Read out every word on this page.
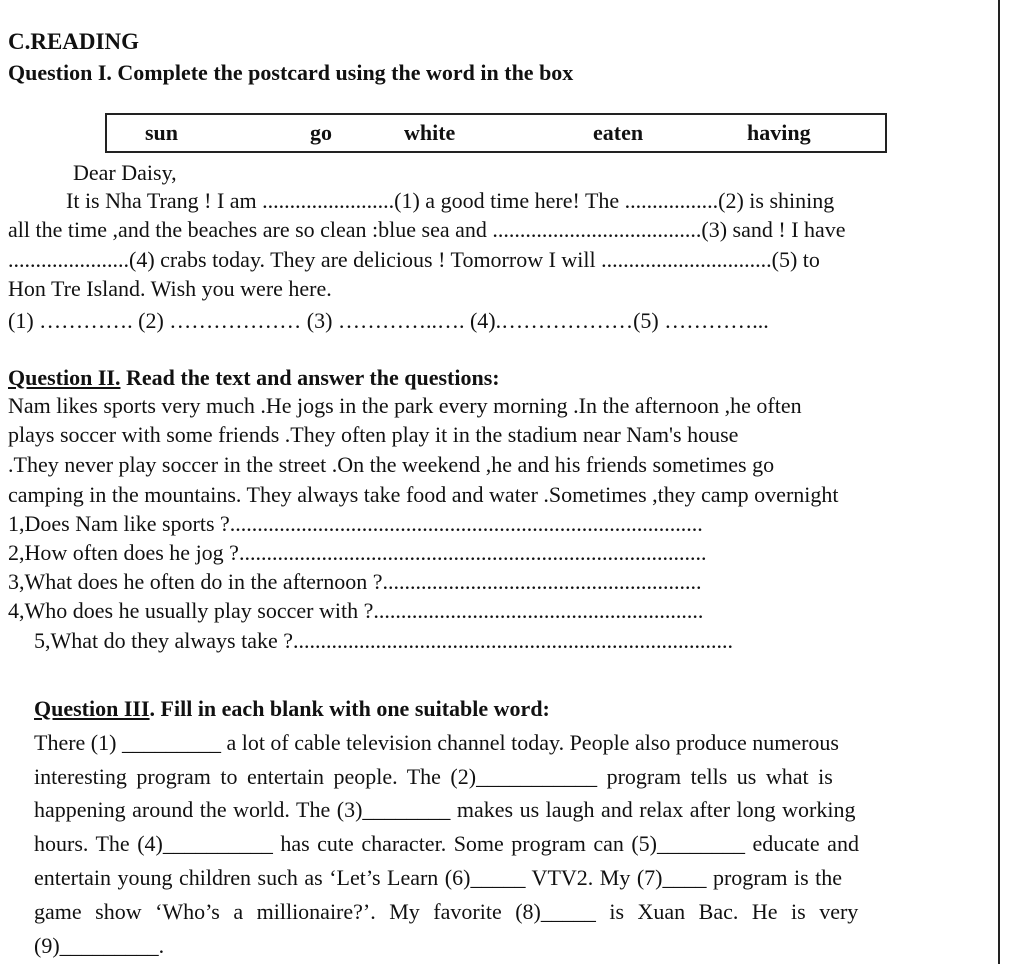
C.READING
Question I. Complete the postcard using the word in the box
sun	go	white	eaten	having
Dear Daisy,
It is Nha Trang ! I am ........................(1) a good time here! The .................(2) is shining
all the time ,and the beaches are so clean :blue sea and ......................................(3) sand ! I have
......................(4) crabs today. They are delicious ! Tomorrow I will ...............................(5) to
Hon Tre Island. Wish you were here.
(1) …………. (2) ……………… (3) …………..…. (4).………………(5) …………...
Question II. Read the text and answer the questions:
Nam likes sports very much .He jogs in the park every morning .In the afternoon ,he often
plays soccer with some friends .They often play it in the stadium near Nam's house
.They never play soccer in the street .On the weekend ,he and his friends sometimes go
camping in the mountains. They always take food and water .Sometimes ,they camp overnight
1,Does Nam like sports ?......................................................................................
2,How often does he jog ?.....................................................................................
3,What does he often do in the afternoon ?..........................................................
4,Who does he usually play soccer with ?............................................................
5,What do they always take ?................................................................................
Question III. Fill in each blank with one suitable word:
There (1) _________ a lot of cable television channel today. People also produce numerous
interesting program to entertain people. The (2)___________ program tells us what is
happening around the world. The (3)________ makes us laugh and relax after long working
hours. The (4)__________ has cute character. Some program can (5)________ educate and
entertain young children such as ‘Let’s Learn (6)_____ VTV2. My (7)____ program is the
game show ‘Who’s a millionaire?’. My favorite (8)_____ is Xuan Bac. He is very
(9)_________.
